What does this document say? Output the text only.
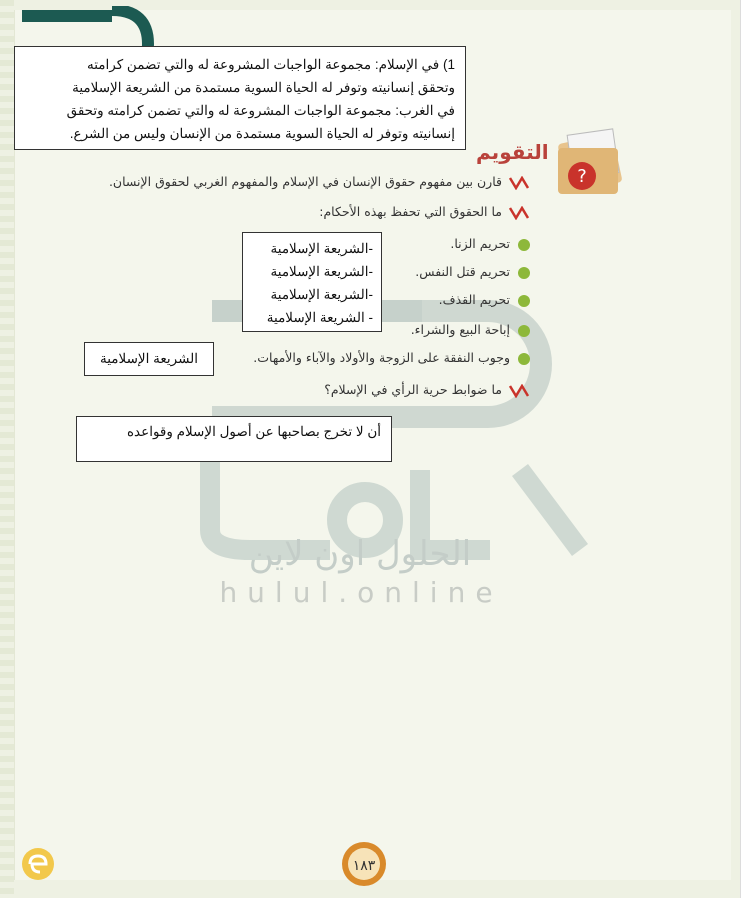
الحلول اون لاين
hulul.online
التقويم
?
قارن بين مفهوم حقوق الإنسان في الإسلام والمفهوم الغربي لحقوق الإنسان.
ما الحقوق التي تحفظ بهذه الأحكام:
تحريم الزنا.
تحريم قتل النفس.
تحريم القذف.
إباحة البيع والشراء.
وجوب النفقة على الزوجة والأولاد والآباء والأمهات.
ما ضوابط حرية الرأي في الإسلام؟
1) في الإسلام: مجموعة الواجبات المشروعة له والتي تضمن كرامته
وتحقق إنسانيته وتوفر له الحياة السوية مستمدة من الشريعة الإسلامية
في الغرب: مجموعة الواجبات المشروعة له والتي تضمن كرامته وتحقق
إنسانيته وتوفر له الحياة السوية مستمدة من الإنسان وليس من الشرع.
-الشريعة الإسلامية
-الشريعة الإسلامية
-الشريعة الإسلامية
- الشريعة الإسلامية
الشريعة الإسلامية
أن لا تخرج بصاحبها عن أصول الإسلام وقواعده
١٨٣
